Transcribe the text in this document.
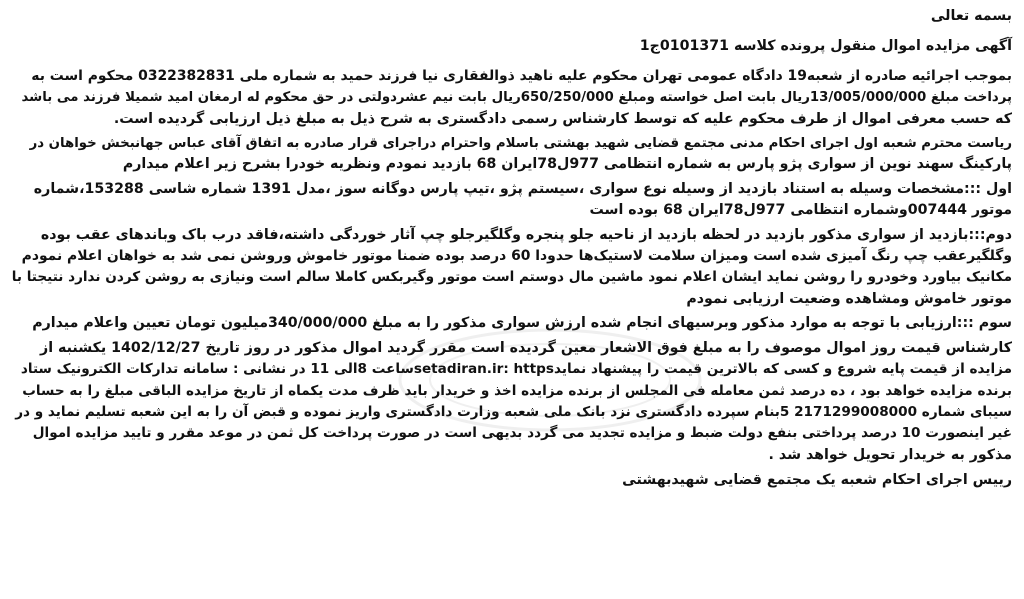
بسمه تعالی

آگهی مزایده اموال منقول پرونده کلاسه 0101371ج1

بموجب اجرائیه صادره از شعبه19 دادگاه عمومی تهران محکوم علیه ناهید ذوالفقاری نیا فرزند حمید به شماره ملی 0322382831 محکوم است به

پرداخت مبلغ 13/005/000/000ریال بابت اصل خواسته ومبلغ 650/250/000ریال بابت نیم عشردولتی در حق محکوم له ارمغان امید شمیلا فرزند می باشد

که حسب معرفی اموال از طرف محکوم علیه که توسط کارشناس رسمی دادگستری به شرح ذیل به مبلغ ذیل ارزیابی گردیده است.

ریاست محترم شعبه اول اجرای احکام مدنی مجتمع قضایی شهید بهشتی باسلام واحترام دراجرای قرار صادره به اتفاق آقای عباس جهانبخش خواهان در

پارکینگ سهند نوین از سواری پژو پارس به شماره انتظامی 977ل78ایران 68 بازدید نمودم ونظریه خودرا بشرح زیر اعلام میدارم

اول :::مشخصات وسیله به استناد بازدید از وسیله نوع سواری ،سیستم پژو ،تیپ پارس دوگانه سوز ،مدل 1391 شماره شاسی 153288،شماره

موتور 007444وشماره انتظامی 977ل78ایران 68 بوده است

دوم:::بازدید از سواری مذکور بازدید در لحظه بازدید از ناحیه جلو پنجره وگلگیرجلو چپ آثار خوردگی داشته،فاقد درب باک وباندهای عقب بوده

وگلگیرعقب چپ رنگ آمیزی شده است ومیزان سلامت لاستیک‌ها حدودا 60 درصد بوده ضمنا موتور خاموش وروشن نمی شد به خواهان اعلام نمودم

مکانیک بیاورد وخودرو را روشن نماید ایشان اعلام نمود ماشین مال دوستم است موتور وگیربکس کاملا سالم است ونیازی به روشن کردن ندارد نتیجتا با

موتور خاموش ومشاهده وضعیت ارزیابی نمودم

سوم :::ارزیابی با توجه به موارد مذکور وبرسیهای انجام شده ارزش سواری مذکور را به مبلغ 340/000/000میلیون تومان تعیین واعلام میدارم

کارشناس قیمت روز اموال موصوف را به مبلغ فوق الاشعار معین گردیده است مقرر گردید اموال مذکور در روز تاریخ 1402/12/27 یکشنبه از

مزایده از قیمت پایه شروع و کسی که بالاترین قیمت را پیشنهاد نمایدsetadiran.ir: httpsساعت 8الی 11 در نشانی : سامانه تدارکات الکترونیک ستاد

برنده مزایده خواهد بود ، ده درصد ثمن معامله فی المجلس از برنده مزایده اخذ و خریدار باید ظرف مدت یکماه از تاریخ مزایده الباقی مبلغ را به حساب

سیبای شماره 2171299008000 5بنام سپرده دادگستری نزد بانک ملی شعبه وزارت دادگستری واریز نموده و قبض آن را به این شعبه تسلیم نماید و در

غیر اینصورت 10 درصد پرداختی بنفع دولت ضبط و مزایده تجدید می گردد بدیهی است در صورت پرداخت کل ثمن در موعد مقرر و تایید مزایده اموال

مذکور به خریدار تحویل خواهد شد .

رییس اجرای احکام شعبه یک مجتمع قضایی شهیدبهشتی
